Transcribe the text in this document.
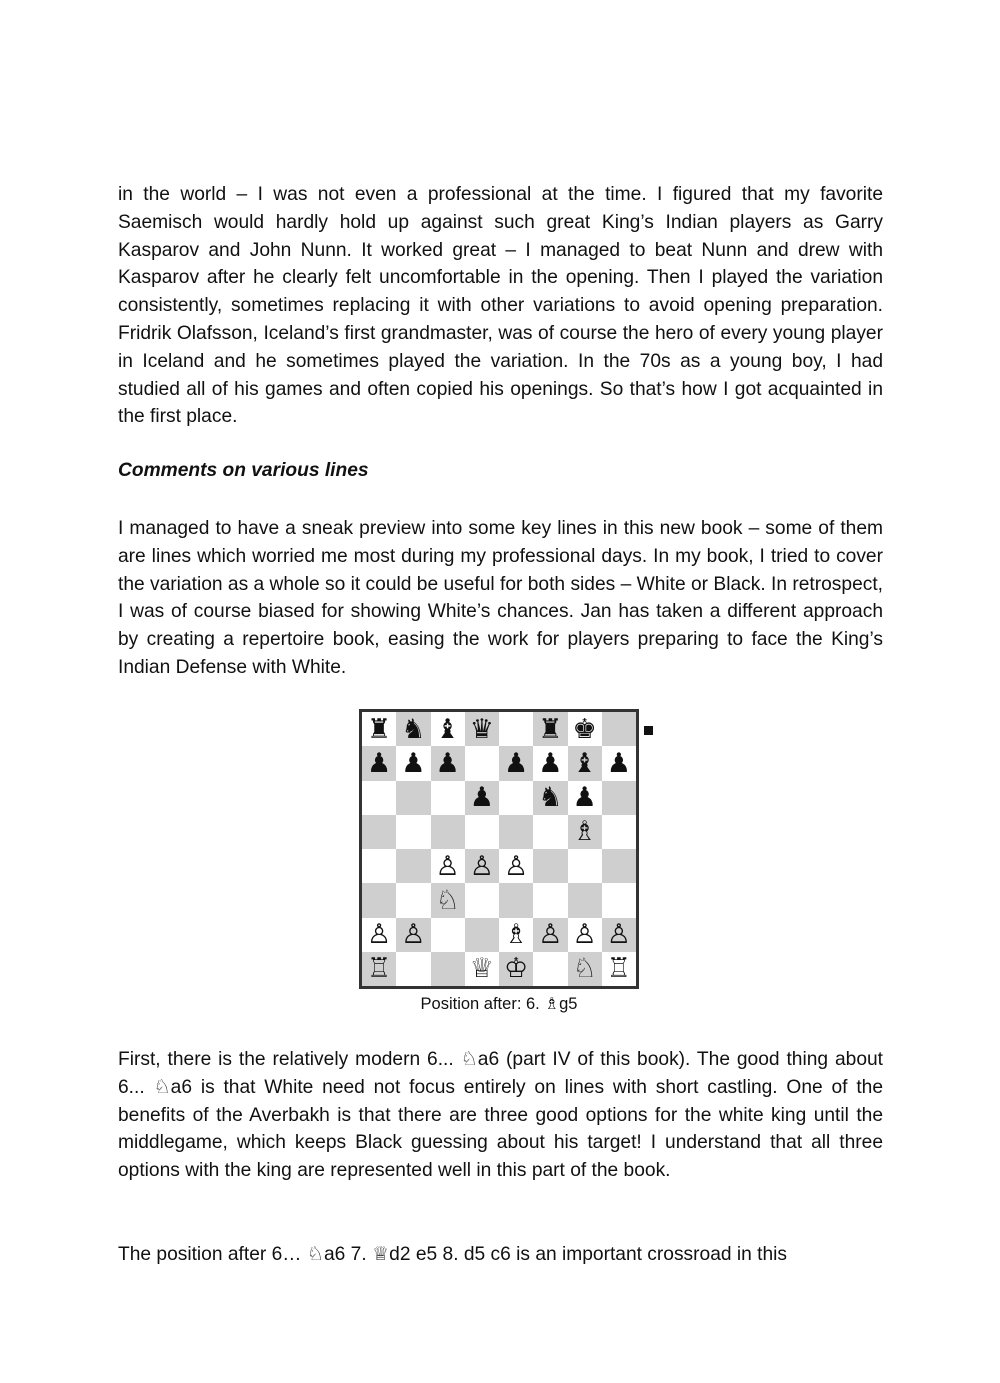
in the world – I was not even a professional at the time. I figured that my favorite Saemisch would hardly hold up against such great King’s Indian players as Garry Kasparov and John Nunn. It worked great – I managed to beat Nunn and drew with Kasparov after he clearly felt uncomfortable in the opening. Then I played the variation consistently, sometimes replacing it with other variations to avoid opening preparation. Fridrik Olafsson, Iceland’s first grandmaster, was of course the hero of every young player in Iceland and he sometimes played the variation. In the 70s as a young boy, I had studied all of his games and often copied his openings. So that’s how I got acquainted in the first place.

Comments on various lines

I managed to have a sneak preview into some key lines in this new book – some of them are lines which worried me most during my professional days. In my book, I tried to cover the variation as a whole so it could be useful for both sides – White or Black. In retrospect, I was of course biased for showing White’s chances. Jan has taken a different approach by creating a repertoire book, easing the work for players preparing to face the King’s Indian Defense with White.

♜ ♞ ♝ ♛ ♜ ♚
♟ ♟ ♟ ♟ ♟ ♝ ♟
♟ ♞ ♟
♗
♙ ♙ ♙
♘
♙ ♙	♗ ♙ ♙ ♙
♖	♕ ♔ ♘ ♖
Position after: 6. ♗g5

First, there is the relatively modern 6... ♘a6 (part IV of this book). The good thing about 6... ♘a6 is that White need not focus entirely on lines with short castling. One of the benefits of the Averbakh is that there are three good options for the white king until the middlegame, which keeps Black guessing about his target! I understand that all three options with the king are represented well in this part of the book.

The position after 6… ♘a6 7. ♕d2 e5 8. d5 c6 is an important crossroad in this
